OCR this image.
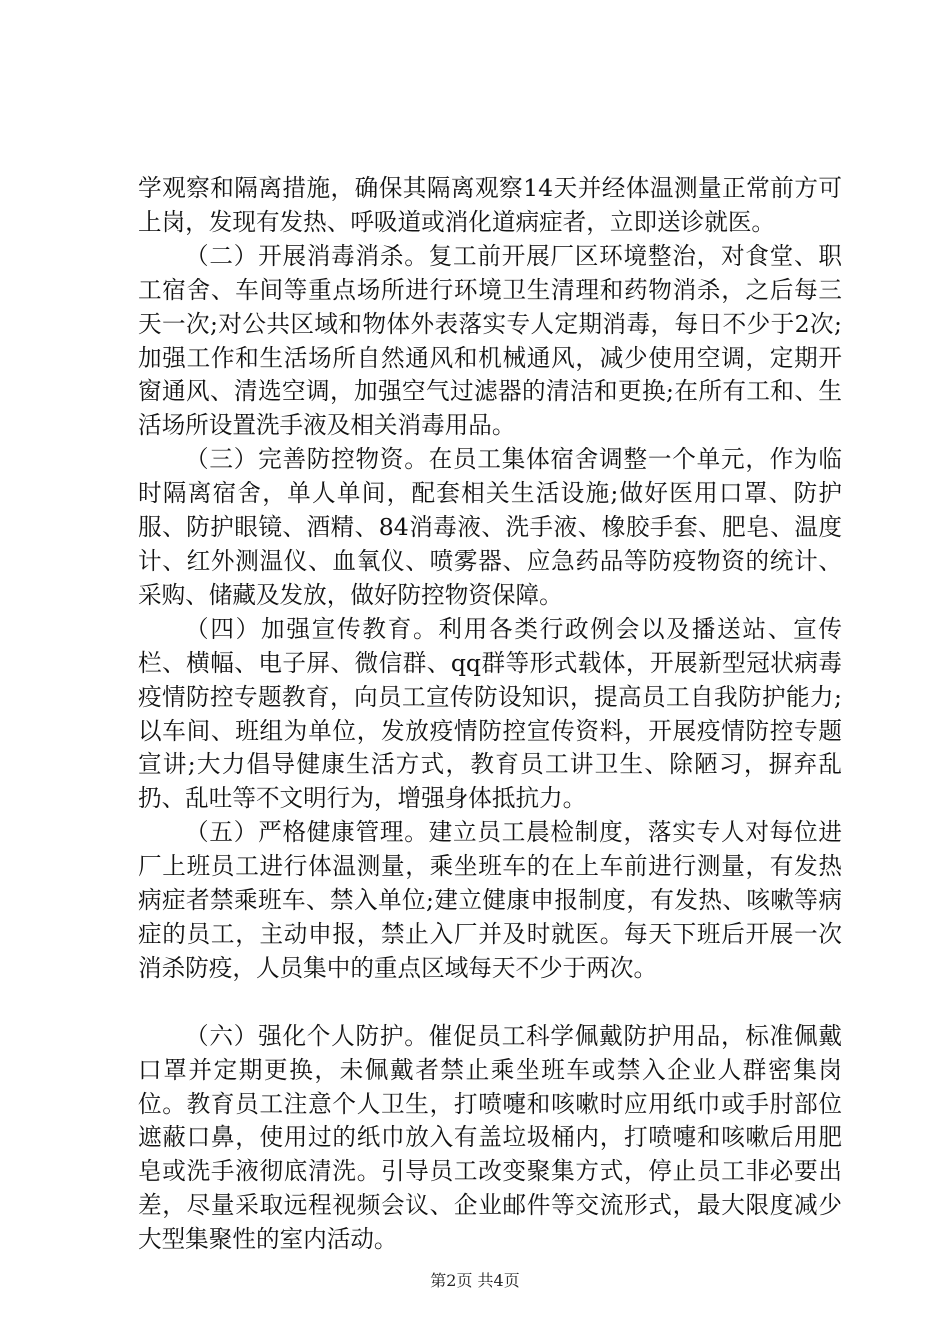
学观察和隔离措施，确保其隔离观察14天并经体温测量正常前方可上岗，发现有发热、呼吸道或消化道病症者，立即送诊就医。

（二）开展消毒消杀。复工前开展厂区环境整治，对食堂、职工宿舍、车间等重点场所进行环境卫生清理和药物消杀，之后每三天一次;对公共区域和物体外表落实专人定期消毒，每日不少于2次;加强工作和生活场所自然通风和机械通风，减少使用空调，定期开窗通风、清选空调，加强空气过滤器的清洁和更换;在所有工和、生活场所设置洗手液及相关消毒用品。

（三）完善防控物资。在员工集体宿舍调整一个单元，作为临时隔离宿舍，单人单间，配套相关生活设施;做好医用口罩、防护服、防护眼镜、酒精、84消毒液、洗手液、橡胶手套、肥皂、温度计、红外测温仪、血氧仪、喷雾器、应急药品等防疫物资的统计、采购、储藏及发放，做好防控物资保障。

（四）加强宣传教育。利用各类行政例会以及播送站、宣传栏、横幅、电子屏、微信群、qq群等形式载体，开展新型冠状病毒疫情防控专题教育，向员工宣传防设知识，提高员工自我防护能力;以车间、班组为单位，发放疫情防控宣传资料，开展疫情防控专题宣讲;大力倡导健康生活方式，教育员工讲卫生、除陋习，摒弃乱扔、乱吐等不文明行为，增强身体抵抗力。

（五）严格健康管理。建立员工晨检制度，落实专人对每位进厂上班员工进行体温测量，乘坐班车的在上车前进行测量，有发热病症者禁乘班车、禁入单位;建立健康申报制度，有发热、咳嗽等病症的员工，主动申报，禁止入厂并及时就医。每天下班后开展一次消杀防疫，人员集中的重点区域每天不少于两次。

（六）强化个人防护。催促员工科学佩戴防护用品，标准佩戴口罩并定期更换，未佩戴者禁止乘坐班车或禁入企业人群密集岗位。教育员工注意个人卫生，打喷嚏和咳嗽时应用纸巾或手肘部位遮蔽口鼻，使用过的纸巾放入有盖垃圾桶内，打喷嚏和咳嗽后用肥皂或洗手液彻底清洗。引导员工改变聚集方式，停止员工非必要出差，尽量采取远程视频会议、企业邮件等交流形式，最大限度减少大型集聚性的室内活动。

第2页 共4页
